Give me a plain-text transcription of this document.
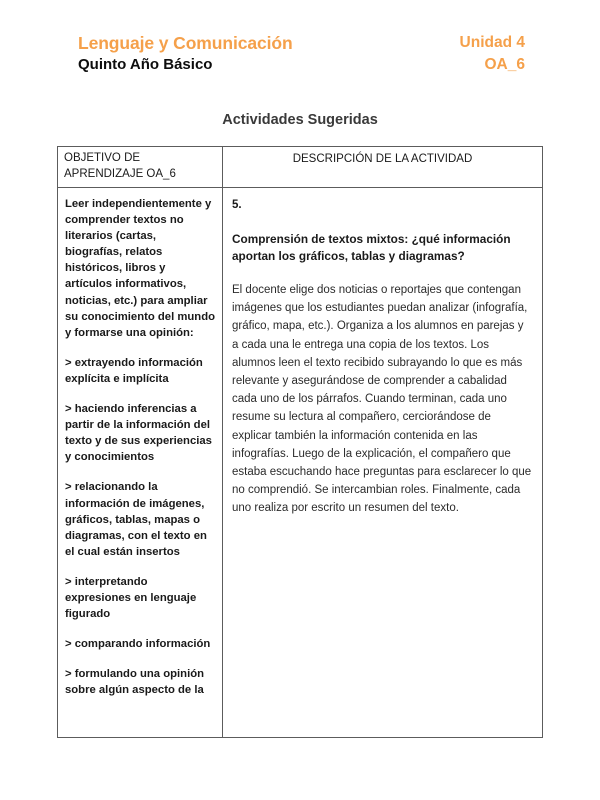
Lenguaje y Comunicación
Quinto Año Básico
Unidad 4
OA_6
Actividades Sugeridas
OBJETIVO DE APRENDIZAJE OA_6
DESCRIPCIÓN DE LA ACTIVIDAD

Leer independientemente y comprender textos no literarios (cartas, biografías, relatos históricos, libros y artículos informativos, noticias, etc.) para ampliar su conocimiento del mundo y formarse una opinión:

> extrayendo información explícita e implícita

> haciendo inferencias a partir de la información del texto y de sus experiencias y conocimientos

> relacionando la información de imágenes, gráficos, tablas, mapas o diagramas, con el texto en el cual están insertos

> interpretando expresiones en lenguaje figurado

> comparando información

> formulando una opinión sobre algún aspecto de la

5.

Comprensión de textos mixtos: ¿qué información aportan los gráficos, tablas y diagramas?

El docente elige dos noticias o reportajes que contengan imágenes que los estudiantes puedan analizar (infografía, gráfico, mapa, etc.). Organiza a los alumnos en parejas y a cada una le entrega una copia de los textos. Los alumnos leen el texto recibido subrayando lo que es más relevante y asegurándose de comprender a cabalidad cada uno de los párrafos. Cuando terminan, cada uno resume su lectura al compañero, cerciorándose de explicar también la información contenida en las infografías. Luego de la explicación, el compañero que estaba escuchando hace preguntas para esclarecer lo que no comprendió. Se intercambian roles. Finalmente, cada uno realiza por escrito un resumen del texto.
